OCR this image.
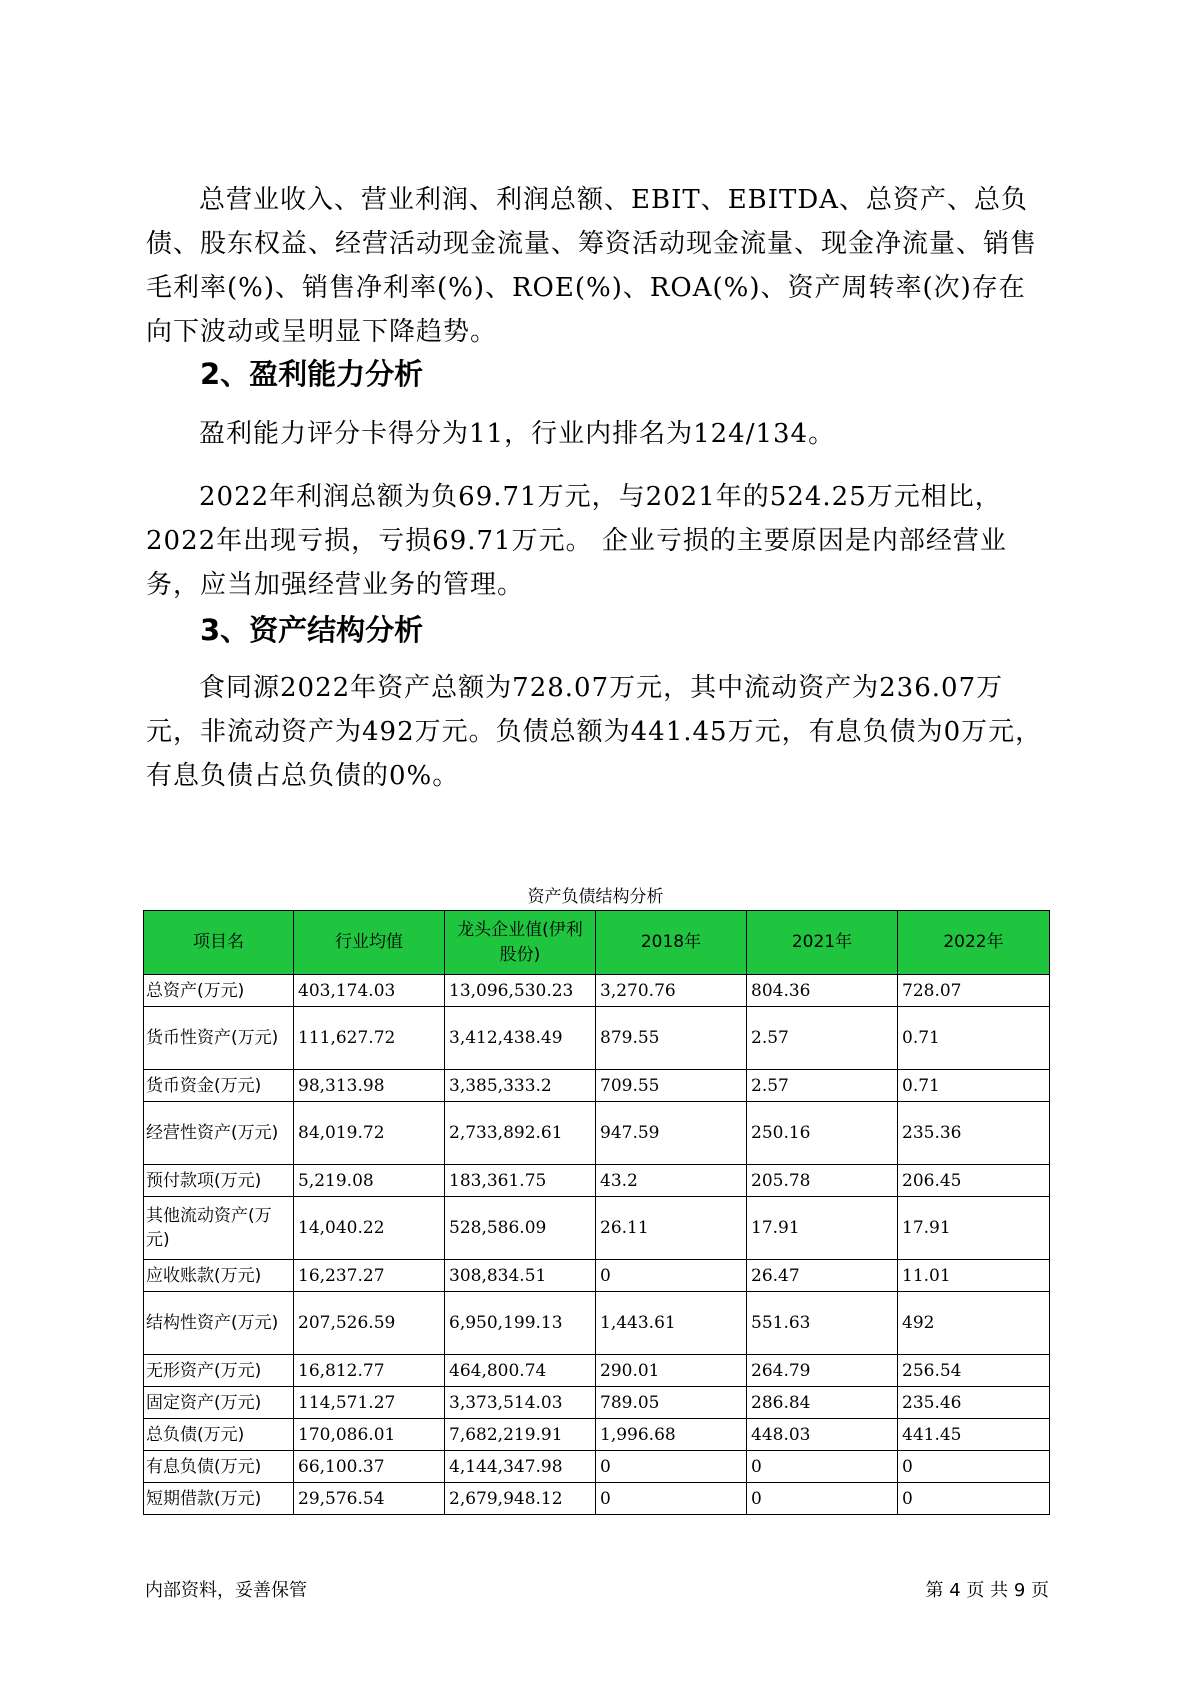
总营业收入、营业利润、利润总额、EBIT、EBITDA、总资产、总负债、股东权益、经营活动现金流量、筹资活动现金流量、现金净流量、销售毛利率(%)、销售净利率(%)、ROE(%)、ROA(%)、资产周转率(次)存在向下波动或呈明显下降趋势。

2、盈利能力分析

盈利能力评分卡得分为11，行业内排名为124/134。

2022年利润总额为负69.71万元，与2021年的524.25万元相比，2022年出现亏损，亏损69.71万元。 企业亏损的主要原因是内部经营业务，应当加强经营业务的管理。

3、资产结构分析

食同源2022年资产总额为728.07万元，其中流动资产为236.07万元，非流动资产为492万元。负债总额为441.45万元，有息负债为0万元，有息负债占总负债的0%。

资产负债结构分析
项目名	行业均值	龙头企业值(伊利股份)	2018年	2021年	2022年
总资产(万元)	403,174.03	13,096,530.23	3,270.76	804.36	728.07
货币性资产(万元)	111,627.72	3,412,438.49	879.55	2.57	0.71
货币资金(万元)	98,313.98	3,385,333.2	709.55	2.57	0.71
经营性资产(万元)	84,019.72	2,733,892.61	947.59	250.16	235.36
预付款项(万元)	5,219.08	183,361.75	43.2	205.78	206.45
其他流动资产(万元)	14,040.22	528,586.09	26.11	17.91	17.91
应收账款(万元)	16,237.27	308,834.51	0	26.47	11.01
结构性资产(万元)	207,526.59	6,950,199.13	1,443.61	551.63	492
无形资产(万元)	16,812.77	464,800.74	290.01	264.79	256.54
固定资产(万元)	114,571.27	3,373,514.03	789.05	286.84	235.46
总负债(万元)	170,086.01	7,682,219.91	1,996.68	448.03	441.45
有息负债(万元)	66,100.37	4,144,347.98	0	0	0
短期借款(万元)	29,576.54	2,679,948.12	0	0	0
内部资料，妥善保管	第 4 页 共 9 页
